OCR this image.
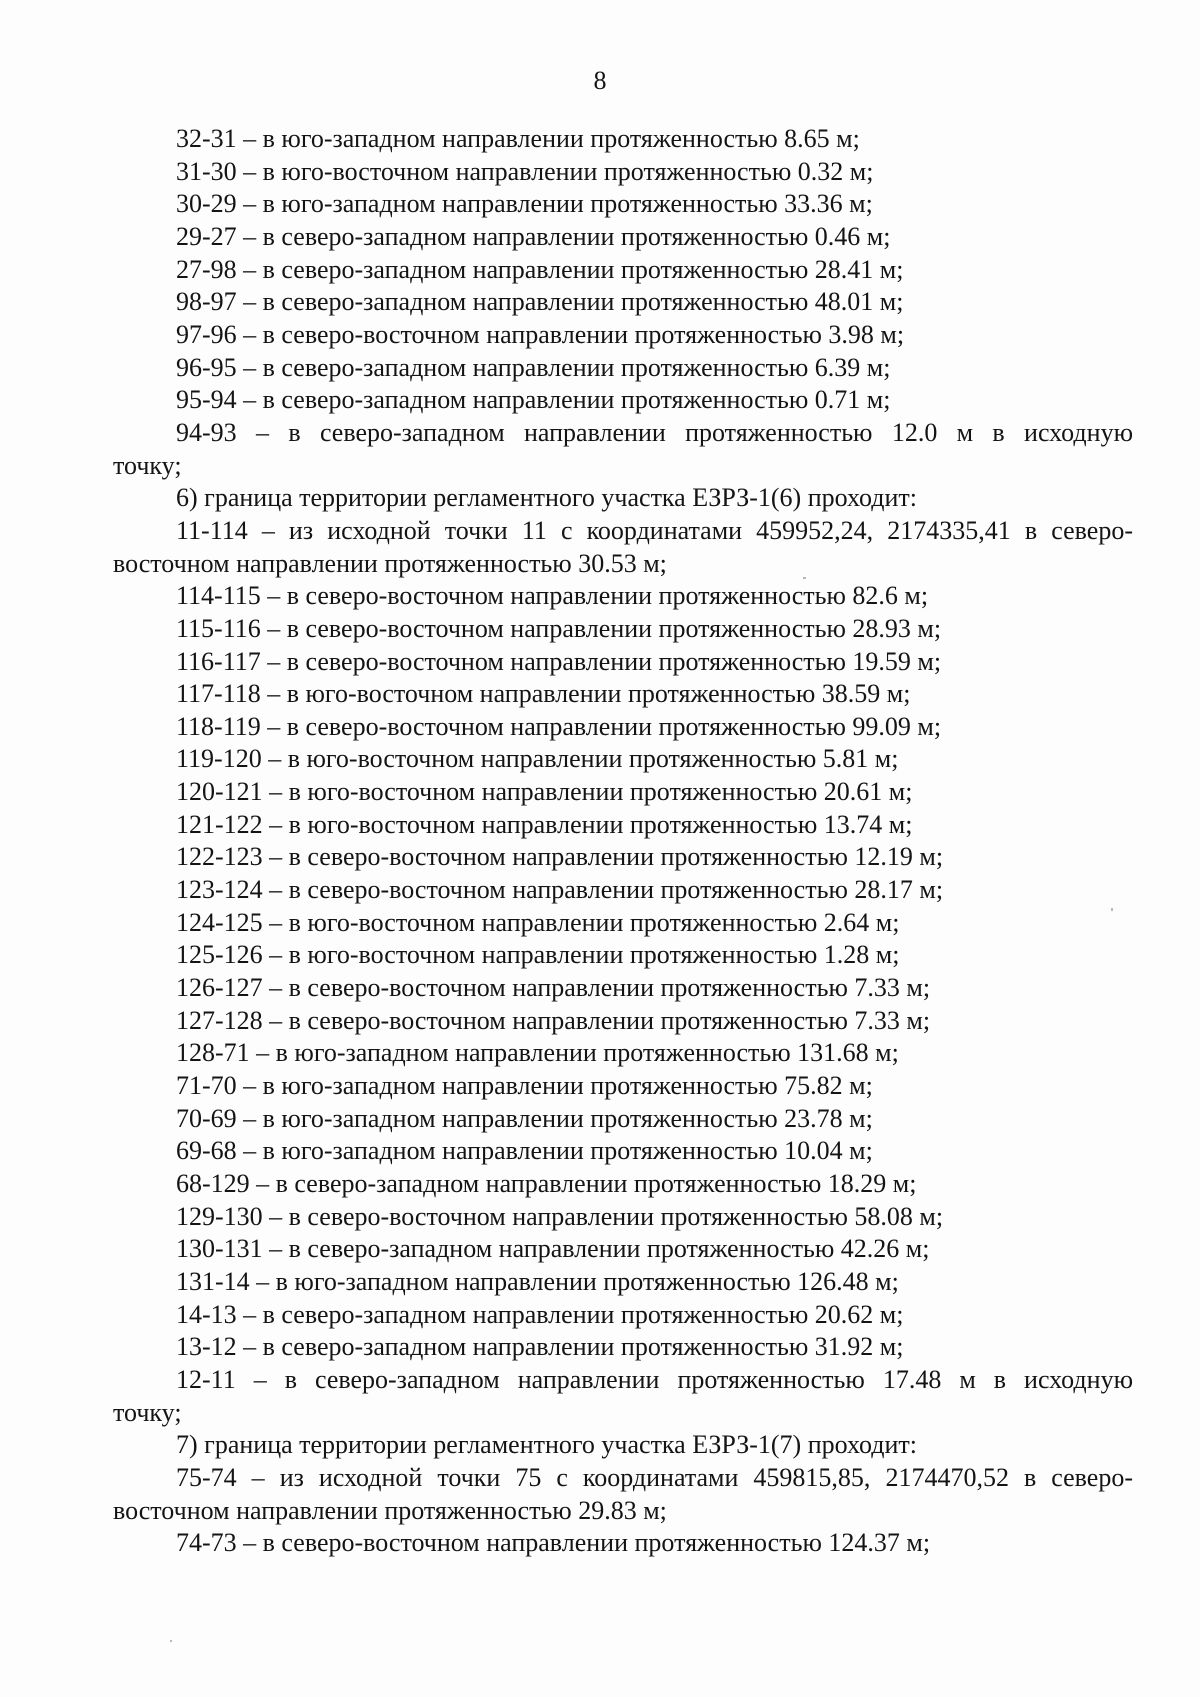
8
32-31 – в юго-западном направлении протяженностью 8.65 м;
31-30 – в юго-восточном направлении протяженностью 0.32 м;
30-29 – в юго-западном направлении протяженностью 33.36 м;
29-27 – в северо-западном направлении протяженностью 0.46 м;
27-98 – в северо-западном направлении протяженностью 28.41 м;
98-97 – в северо-западном направлении протяженностью 48.01 м;
97-96 – в северо-восточном направлении протяженностью 3.98 м;
96-95 – в северо-западном направлении протяженностью 6.39 м;
95-94 – в северо-западном направлении протяженностью 0.71 м;
94-93 – в северо-западном направлении протяженностью 12.0 м в исходную
точку;
6) граница территории регламентного участка ЕЗРЗ-1(6) проходит:
11-114 – из исходной точки 11 с координатами 459952,24, 2174335,41 в северо-
восточном направлении протяженностью 30.53 м;
114-115 – в северо-восточном направлении протяженностью 82.6 м;
115-116 – в северо-восточном направлении протяженностью 28.93 м;
116-117 – в северо-восточном направлении протяженностью 19.59 м;
117-118 – в юго-восточном направлении протяженностью 38.59 м;
118-119 – в северо-восточном направлении протяженностью 99.09 м;
119-120 – в юго-восточном направлении протяженностью 5.81 м;
120-121 – в юго-восточном направлении протяженностью 20.61 м;
121-122 – в юго-восточном направлении протяженностью 13.74 м;
122-123 – в северо-восточном направлении протяженностью 12.19 м;
123-124 – в северо-восточном направлении протяженностью 28.17 м;
124-125 – в юго-восточном направлении протяженностью 2.64 м;
125-126 – в юго-восточном направлении протяженностью 1.28 м;
126-127 – в северо-восточном направлении протяженностью 7.33 м;
127-128 – в северо-восточном направлении протяженностью 7.33 м;
128-71 – в юго-западном направлении протяженностью 131.68 м;
71-70 – в юго-западном направлении протяженностью 75.82 м;
70-69 – в юго-западном направлении протяженностью 23.78 м;
69-68 – в юго-западном направлении протяженностью 10.04 м;
68-129 – в северо-западном направлении протяженностью 18.29 м;
129-130 – в северо-восточном направлении протяженностью 58.08 м;
130-131 – в северо-западном направлении протяженностью 42.26 м;
131-14 – в юго-западном направлении протяженностью 126.48 м;
14-13 – в северо-западном направлении протяженностью 20.62 м;
13-12 – в северо-западном направлении протяженностью 31.92 м;
12-11 – в северо-западном направлении протяженностью 17.48 м в исходную
точку;
7) граница территории регламентного участка ЕЗРЗ-1(7) проходит:
75-74 – из исходной точки 75 с координатами 459815,85, 2174470,52 в северо-
восточном направлении протяженностью 29.83 м;
74-73 – в северо-восточном направлении протяженностью 124.37 м;
